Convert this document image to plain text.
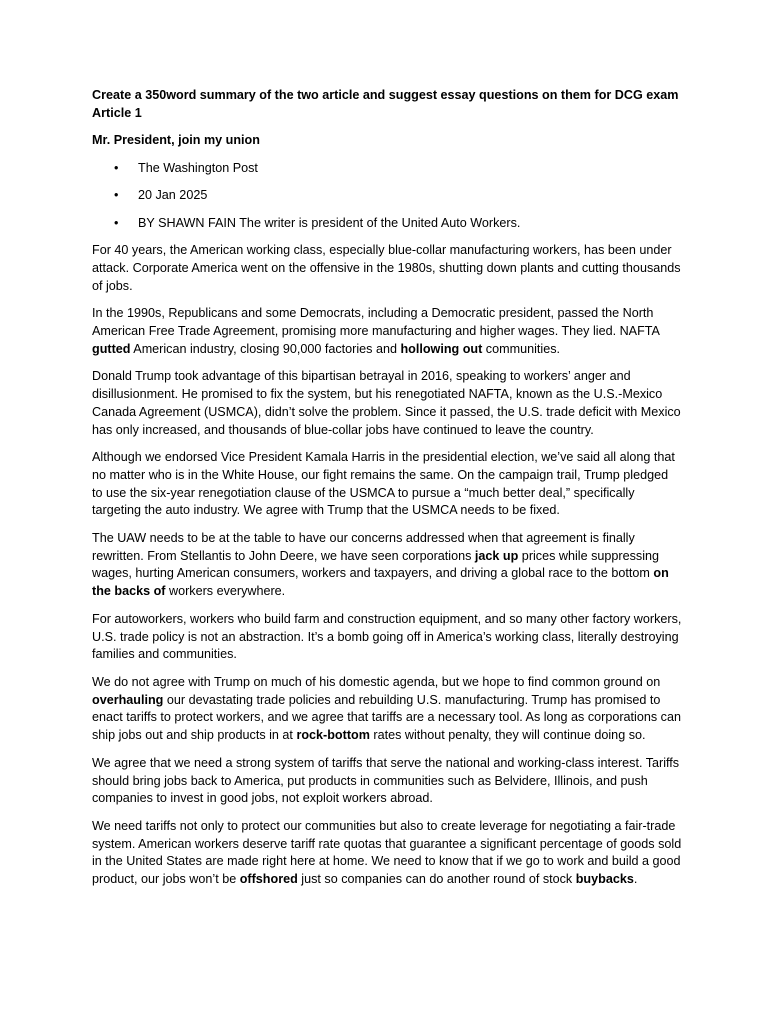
Create a 350word summary of the two article and suggest essay questions on them for DCG exam
Article 1

Mr. President, join my union

• The Washington Post
• 20 Jan 2025
• BY SHAWN FAIN The writer is president of the United Auto Workers.

For 40 years, the American working class, especially blue-collar manufacturing workers, has been under attack. Corporate America went on the offensive in the 1980s, shutting down plants and cutting thousands of jobs.

In the 1990s, Republicans and some Democrats, including a Democratic president, passed the North American Free Trade Agreement, promising more manufacturing and higher wages. They lied. NAFTA gutted American industry, closing 90,000 factories and hollowing out communities.

Donald Trump took advantage of this bipartisan betrayal in 2016, speaking to workers’ anger and disillusionment. He promised to fix the system, but his renegotiated NAFTA, known as the U.S.-Mexico Canada Agreement (USMCA), didn’t solve the problem. Since it passed, the U.S. trade deficit with Mexico has only increased, and thousands of blue-collar jobs have continued to leave the country.

Although we endorsed Vice President Kamala Harris in the presidential election, we’ve said all along that no matter who is in the White House, our fight remains the same. On the campaign trail, Trump pledged to use the six-year renegotiation clause of the USMCA to pursue a “much better deal,” specifically targeting the auto industry. We agree with Trump that the USMCA needs to be fixed.

The UAW needs to be at the table to have our concerns addressed when that agreement is finally rewritten. From Stellantis to John Deere, we have seen corporations jack up prices while suppressing wages, hurting American consumers, workers and taxpayers, and driving a global race to the bottom on the backs of workers everywhere.

For autoworkers, workers who build farm and construction equipment, and so many other factory workers, U.S. trade policy is not an abstraction. It’s a bomb going off in America’s working class, literally destroying families and communities.

We do not agree with Trump on much of his domestic agenda, but we hope to find common ground on overhauling our devastating trade policies and rebuilding U.S. manufacturing. Trump has promised to enact tariffs to protect workers, and we agree that tariffs are a necessary tool. As long as corporations can ship jobs out and ship products in at rock-bottom rates without penalty, they will continue doing so.

We agree that we need a strong system of tariffs that serve the national and working-class interest. Tariffs should bring jobs back to America, put products in communities such as Belvidere, Illinois, and push companies to invest in good jobs, not exploit workers abroad.

We need tariffs not only to protect our communities but also to create leverage for negotiating a fair-trade system. American workers deserve tariff rate quotas that guarantee a significant percentage of goods sold in the United States are made right here at home. We need to know that if we go to work and build a good product, our jobs won’t be offshored just so companies can do another round of stock buybacks.
